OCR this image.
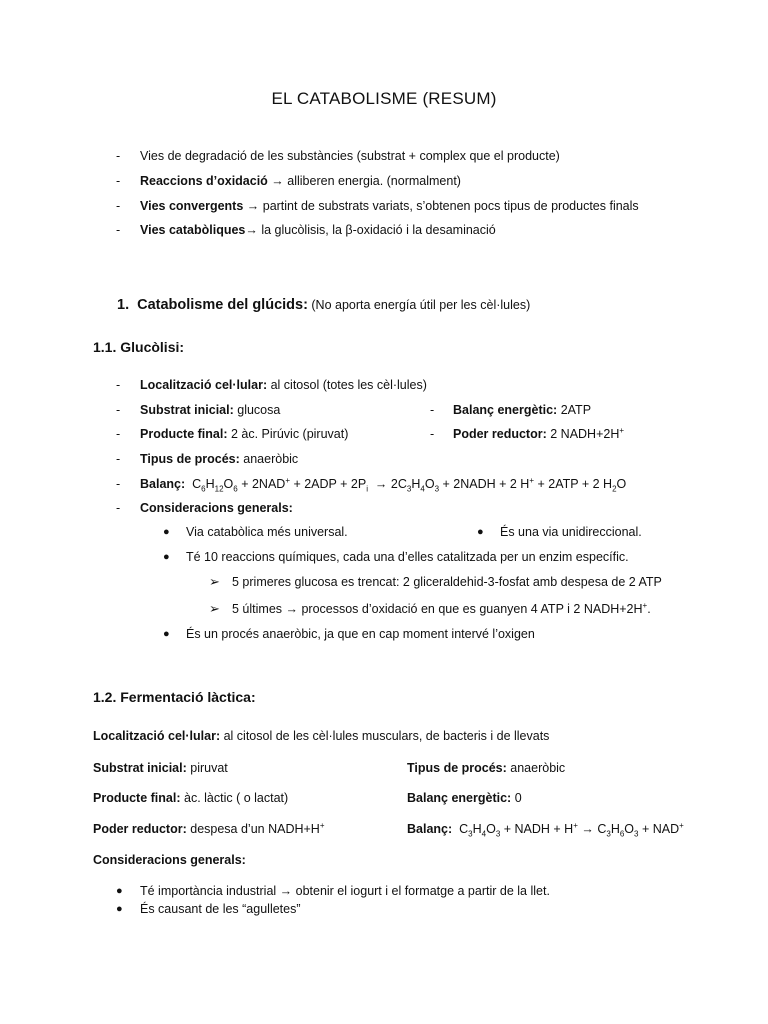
EL CATABOLISME (RESUM)
- Vies de degradació de les substàncies (substrat + complex que el producte)
- Reaccions d’oxidació → alliberen energia. (normalment)
- Vies convergents → partint de substrats variats, s’obtenen pocs tipus de productes finals
- Vies catabòliques→ la glucòlisis, la β-oxidació i la desaminació
1. Catabolisme del glúcids: (No aporta energía útil per les cèl·lules)
1.1. Glucòlisi:
- Localització cel·lular: al citosol (totes les cèl·lules)
- Substrat inicial: glucosa	- Balanç energètic: 2ATP
- Producte final: 2 àc. Pirúvic (piruvat)	- Poder reductor: 2 NADH+2H+
- Tipus de procés: anaeròbic
- Balanç:  $C_6H_{12}O_6 + 2NAD^+ + 2ADP + 2P_i \to 2C_3H_4O_3$ + 2NADH + 2 H+ + 2ATP + 2 $H_2O$
- Consideracions generals:
● Via catabòlica més universal.	● És una via unidireccional.
● Té 10 reaccions químiques, cada una d’elles catalitzada per un enzim específic.
➢ 5 primeres glucosa es trencat: 2 gliceraldehid-3-fosfat amb despesa de 2 ATP
➢ 5 últimes → processos d’oxidació en que es guanyen 4 ATP i 2 NADH+2H+.
● És un procés anaeròbic, ja que en cap moment intervé l’oxigen
1.2. Fermentació làctica:
Localització cel·lular: al citosol de les cèl·lules musculars, de bacteris i de llevats
Substrat inicial: piruvat	Tipus de procés: anaeròbic
Producte final: àc. làctic ( o lactat)	Balanç energètic: 0
Poder reductor: despesa d’un NADH+H+	Balanç:  $C_3H_4O_3$ + NADH + $H^+ \to C_3H_6O_3 + NAD^+$
Consideracions generals:
● Té importància industrial → obtenir el iogurt i el formatge a partir de la llet.
● És causant de les “agulletes”
